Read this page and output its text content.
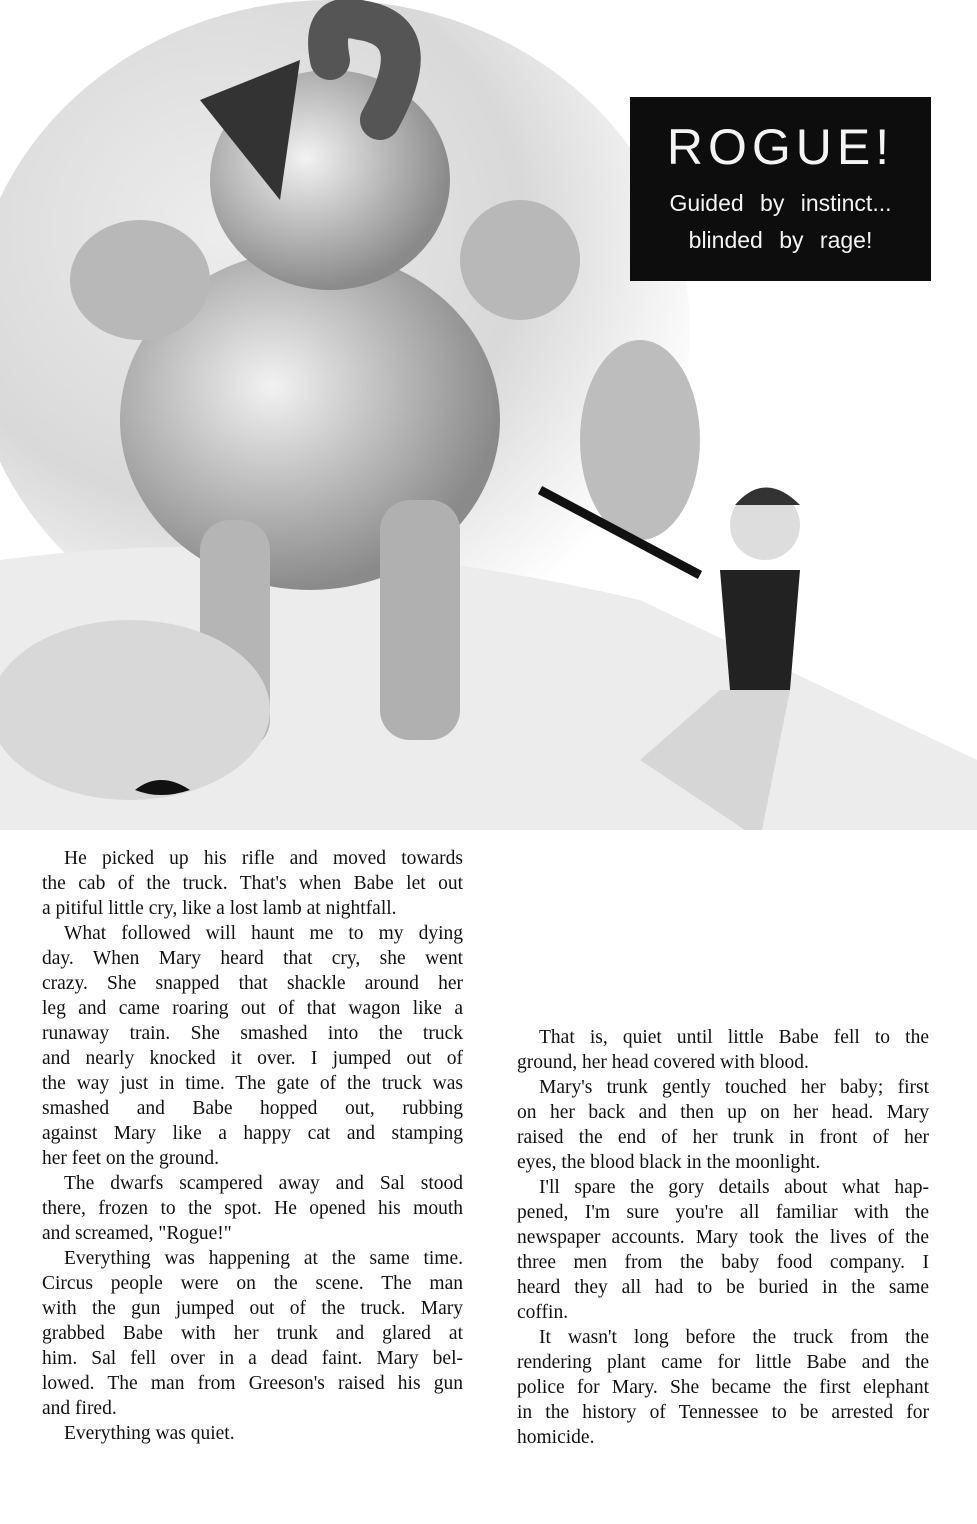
ROGUE!
Guided by instinct...
blinded by rage!
He picked up his rifle and moved towards
the cab of the truck. That's when Babe let out
a pitiful little cry, like a lost lamb at nightfall.
What followed will haunt me to my dying
day. When Mary heard that cry, she went
crazy. She snapped that shackle around her
leg and came roaring out of that wagon like a
runaway train. She smashed into the truck
and nearly knocked it over. I jumped out of
the way just in time. The gate of the truck was
smashed and Babe hopped out, rubbing
against Mary like a happy cat and stamping
her feet on the ground.
The dwarfs scampered away and Sal stood
there, frozen to the spot. He opened his mouth
and screamed, "Rogue!"
Everything was happening at the same time.
Circus people were on the scene. The man
with the gun jumped out of the truck. Mary
grabbed Babe with her trunk and glared at
him. Sal fell over in a dead faint. Mary bel-
lowed. The man from Greeson's raised his gun
and fired.
Everything was quiet.
That is, quiet until little Babe fell to the
ground, her head covered with blood.
Mary's trunk gently touched her baby; first
on her back and then up on her head. Mary
raised the end of her trunk in front of her
eyes, the blood black in the moonlight.
I'll spare the gory details about what hap-
pened, I'm sure you're all familiar with the
newspaper accounts. Mary took the lives of the
three men from the baby food company. I
heard they all had to be buried in the same
coffin.
It wasn't long before the truck from the
rendering plant came for little Babe and the
police for Mary. She became the first elephant
in the history of Tennessee to be arrested for
homicide.
